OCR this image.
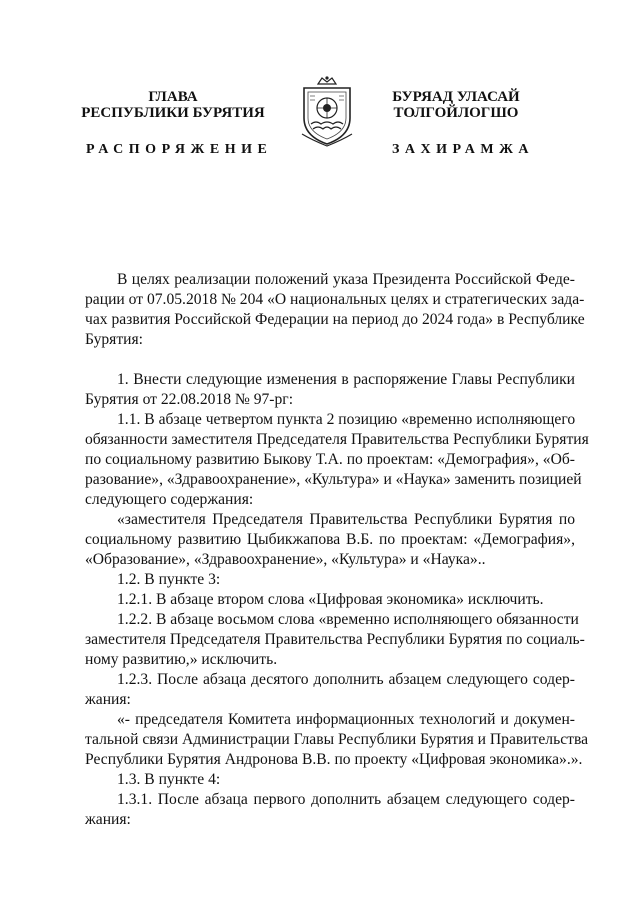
ГЛАВА
РЕСПУБЛИКИ БУРЯТИЯ
БУРЯАД УЛАСАЙ
ТОЛГОЙЛОГШО
РАСПОРЯЖЕНИЕ	ЗАХИРАМЖА
В целях реализации положений указа Президента Российской Феде-
рации от 07.05.2018 № 204 «О национальных целях и стратегических зада-
чах развития Российской Федерации на период до 2024 года» в Республике
Бурятия:
1. Внести следующие изменения в распоряжение Главы Республики
Бурятия от 22.08.2018 № 97-рг:
1.1. В абзаце четвертом пункта 2 позицию «временно исполняющего
обязанности заместителя Председателя Правительства Республики Бурятия
по социальному развитию Быкову Т.А. по проектам: «Демография», «Об-
разование», «Здравоохранение», «Культура» и «Наука» заменить позицией
следующего содержания:
«заместителя Председателя Правительства Республики Бурятия по
социальному развитию Цыбикжапова В.Б. по проектам: «Демография»,
«Образование», «Здравоохранение», «Культура» и «Наука»..
1.2. В пункте 3:
1.2.1. В абзаце втором слова «Цифровая экономика» исключить.
1.2.2. В абзаце восьмом слова «временно исполняющего обязанности
заместителя Председателя Правительства Республики Бурятия по социаль-
ному развитию,» исключить.
1.2.3. После абзаца десятого дополнить абзацем следующего содер-
жания:
«- председателя Комитета информационных технологий и докумен-
тальной связи Администрации Главы Республики Бурятия и Правительства
Республики Бурятия Андронова В.В. по проекту «Цифровая экономика».».
1.3. В пункте 4:
1.3.1. После абзаца первого дополнить абзацем следующего содер-
жания:
